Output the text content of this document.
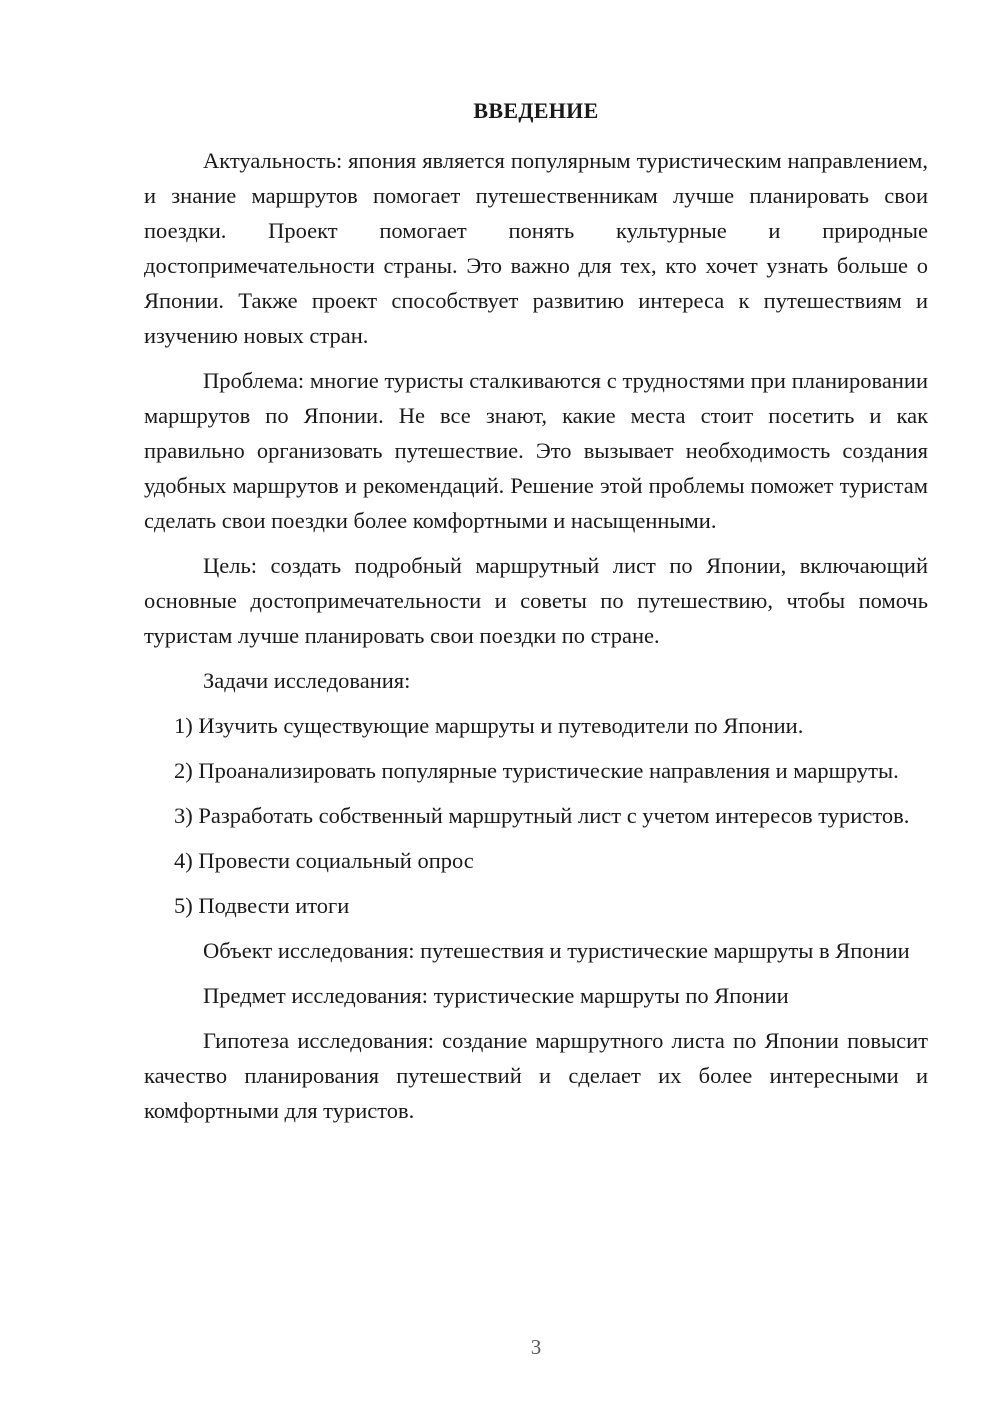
ВВЕДЕНИЕ

Актуальность: япония является популярным туристическим направлением, и знание маршрутов помогает путешественникам лучше планировать свои поездки. Проект помогает понять культурные и природные достопримечательности страны. Это важно для тех, кто хочет узнать больше о Японии. Также проект способствует развитию интереса к путешествиям и изучению новых стран.

Проблема: многие туристы сталкиваются с трудностями при планировании маршрутов по Японии. Не все знают, какие места стоит посетить и как правильно организовать путешествие. Это вызывает необходимость создания удобных маршрутов и рекомендаций. Решение этой проблемы поможет туристам сделать свои поездки более комфортными и насыщенными.

Цель: создать подробный маршрутный лист по Японии, включающий основные достопримечательности и советы по путешествию, чтобы помочь туристам лучше планировать свои поездки по стране.

Задачи исследования:

1) Изучить существующие маршруты и путеводители по Японии.

2) Проанализировать популярные туристические направления и маршруты.

3) Разработать собственный маршрутный лист с учетом интересов туристов.

4) Провести социальный опрос

5) Подвести итоги

Объект исследования: путешествия и туристические маршруты в Японии

Предмет исследования: туристические маршруты по Японии

Гипотеза исследования: создание маршрутного листа по Японии повысит качество планирования путешествий и сделает их более интересными и комфортными для туристов.

3
